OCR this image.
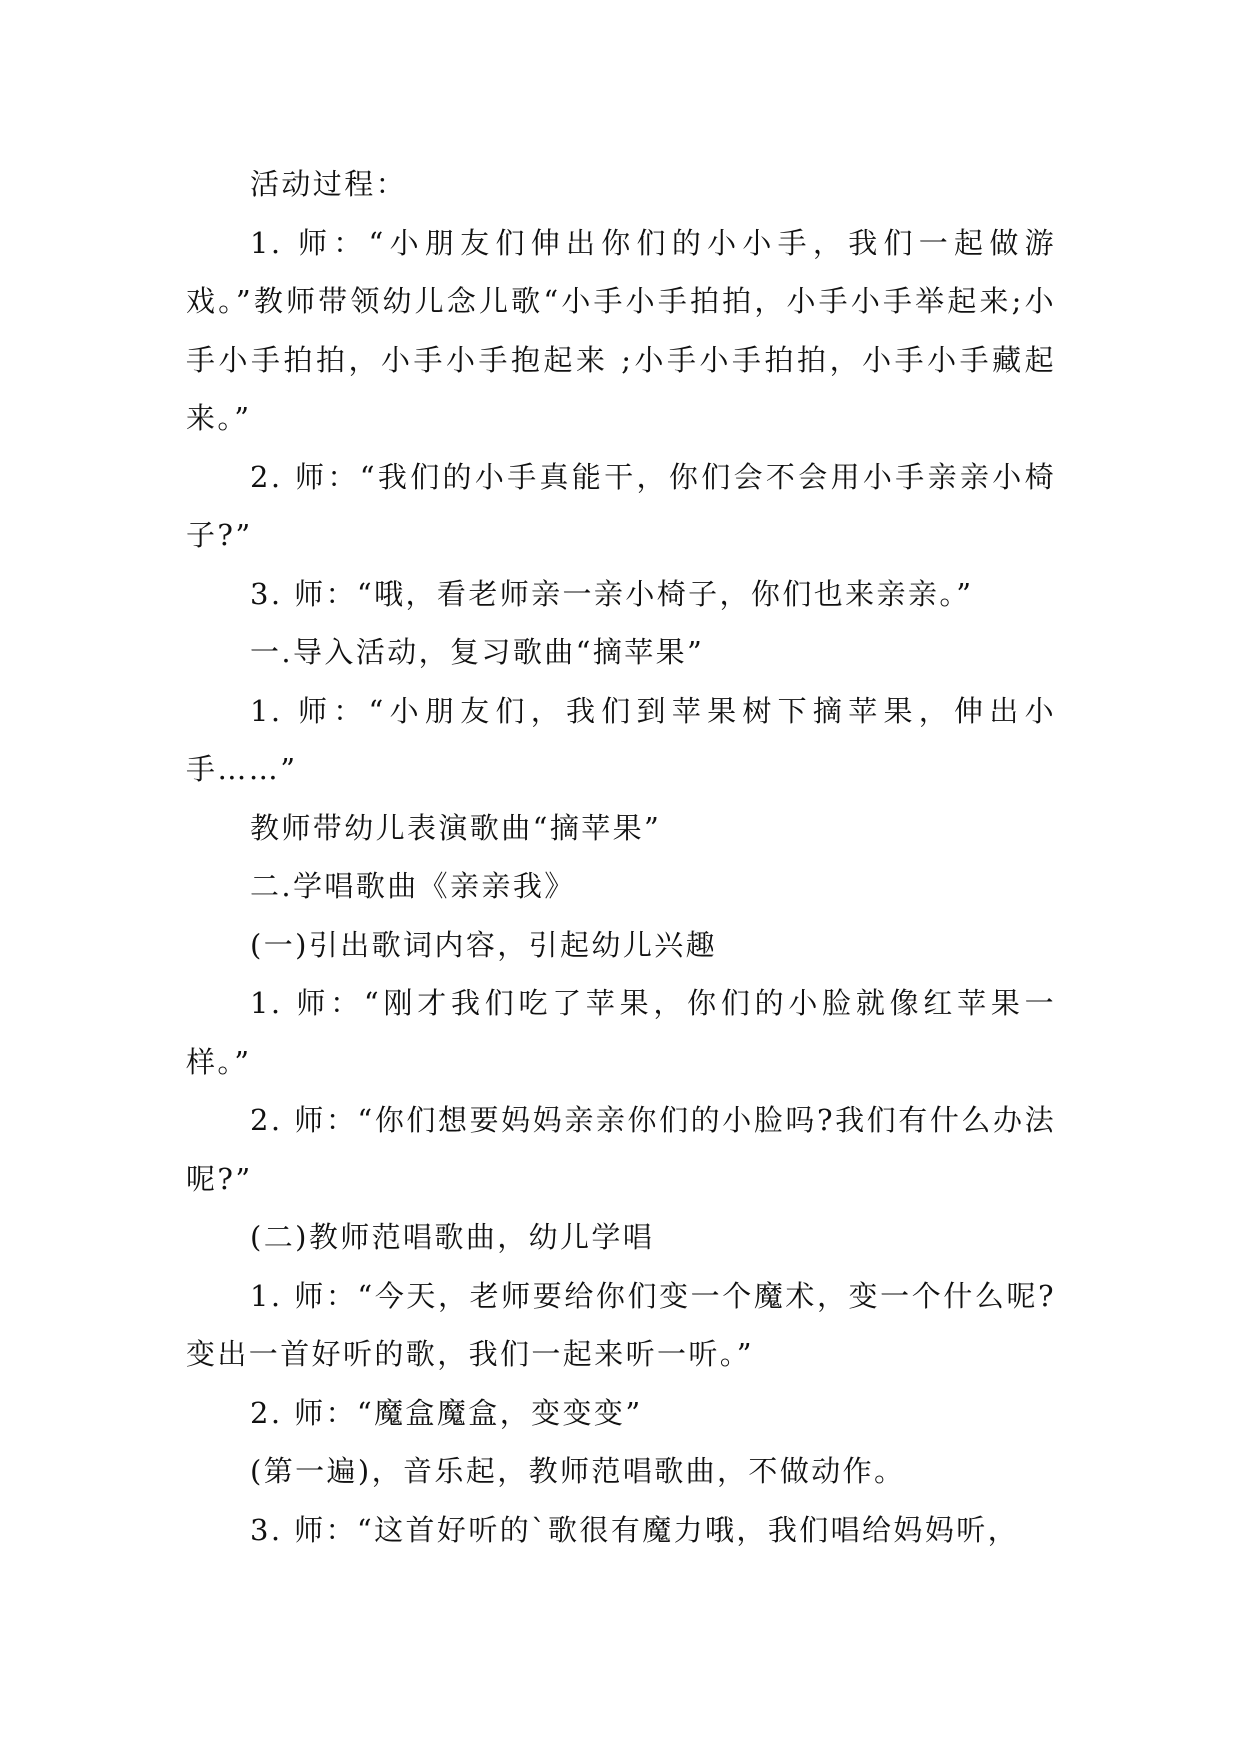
活动过程：

1. 师：“小朋友们伸出你们的小小手，我们一起做游戏。”教师带领幼儿念儿歌“小手小手拍拍，小手小手举起来;小手小手拍拍，小手小手抱起来 ;小手小手拍拍，小手小手藏起来。”

2. 师：“我们的小手真能干，你们会不会用小手亲亲小椅子?”

3. 师：“哦，看老师亲一亲小椅子，你们也来亲亲。”

一.导入活动，复习歌曲“摘苹果”

1. 师：“小朋友们，我们到苹果树下摘苹果，伸出小手……”

教师带幼儿表演歌曲“摘苹果”

二.学唱歌曲《亲亲我》

(一)引出歌词内容，引起幼儿兴趣

1. 师：“刚才我们吃了苹果，你们的小脸就像红苹果一样。”

2. 师：“你们想要妈妈亲亲你们的小脸吗?我们有什么办法呢?”

(二)教师范唱歌曲，幼儿学唱

1. 师：“今天，老师要给你们变一个魔术，变一个什么呢?变出一首好听的歌，我们一起来听一听。”

2. 师：“魔盒魔盒，变变变”

(第一遍)，音乐起，教师范唱歌曲，不做动作。

3. 师：“这首好听的`歌很有魔力哦，我们唱给妈妈听，
